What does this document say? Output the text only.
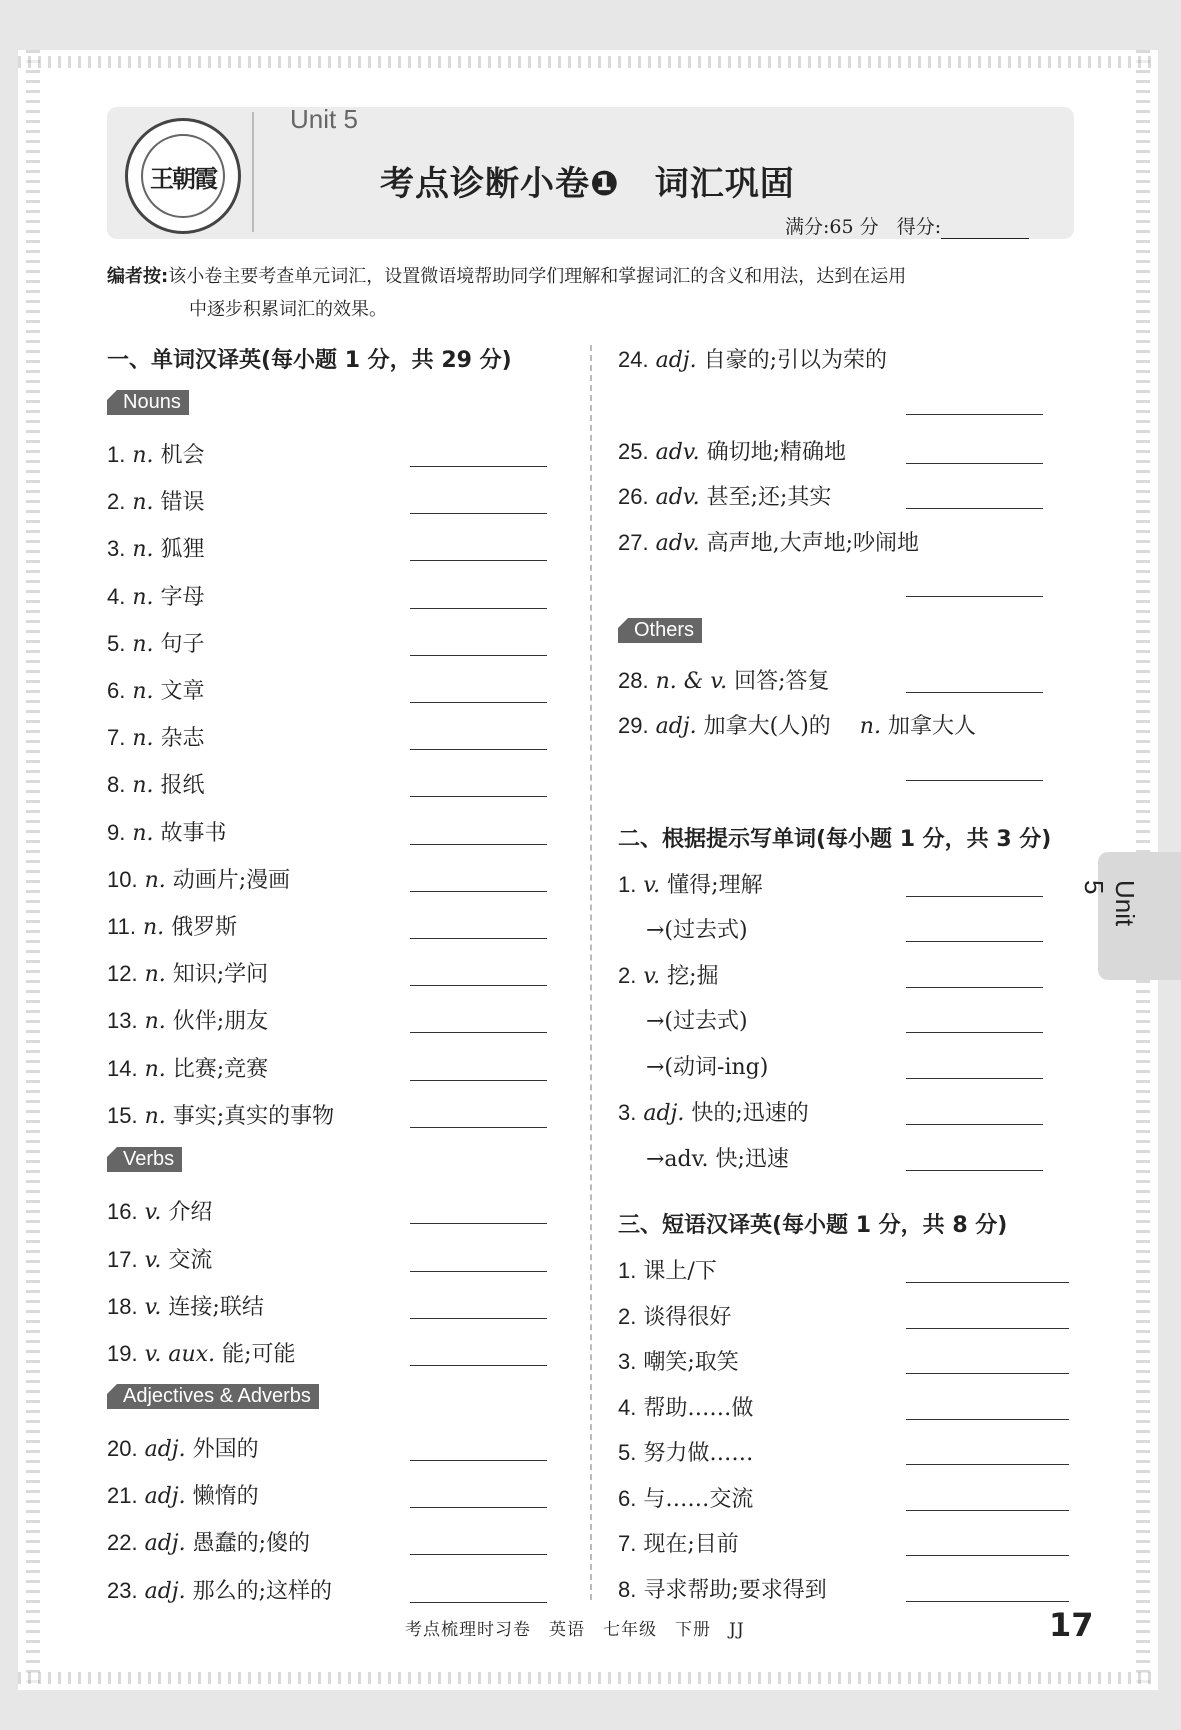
王朝霞
Unit 5
考点诊断小卷❶　词汇巩固
满分:65 分 得分:
编者按:该小卷主要考查单元词汇，设置微语境帮助同学们理解和掌握词汇的含义和用法，达到在运用
中逐步积累词汇的效果。
一、单词汉译英(每小题 1 分，共 29 分)
Nouns
1. n. 机会
2. n. 错误
3. n. 狐狸
4. n. 字母
5. n. 句子
6. n. 文章
7. n. 杂志
8. n. 报纸
9. n. 故事书
10. n. 动画片;漫画
11. n. 俄罗斯
12. n. 知识;学问
13. n. 伙伴;朋友
14. n. 比赛;竞赛
15. n. 事实;真实的事物
Verbs
16. v. 介绍
17. v. 交流
18. v. 连接;联结
19. v. aux. 能;可能
Adjectives & Adverbs
20. adj. 外国的
21. adj. 懒惰的
22. adj. 愚蠢的;傻的
23. adj. 那么的;这样的
24. adj. 自豪的;引以为荣的
25. adv. 确切地;精确地
26. adv. 甚至;还;其实
27. adv. 高声地,大声地;吵闹地
Others
28. n. & v. 回答;答复
29. adj. 加拿大(人)的　 n. 加拿大人
二、根据提示写单词(每小题 1 分，共 3 分)
1. v. 懂得;理解
→(过去式)
2. v. 挖;掘
→(过去式)
→(动词-ing)
3. adj. 快的;迅速的
→adv. 快;迅速
三、短语汉译英(每小题 1 分，共 8 分)
1. 课上/下
2. 谈得很好
3. 嘲笑;取笑
4. 帮助……做
5. 努力做……
6. 与……交流
7. 现在;目前
8. 寻求帮助;要求得到
Unit 5
考点梳理时习卷　英语　七年级　下册　JJ	17
